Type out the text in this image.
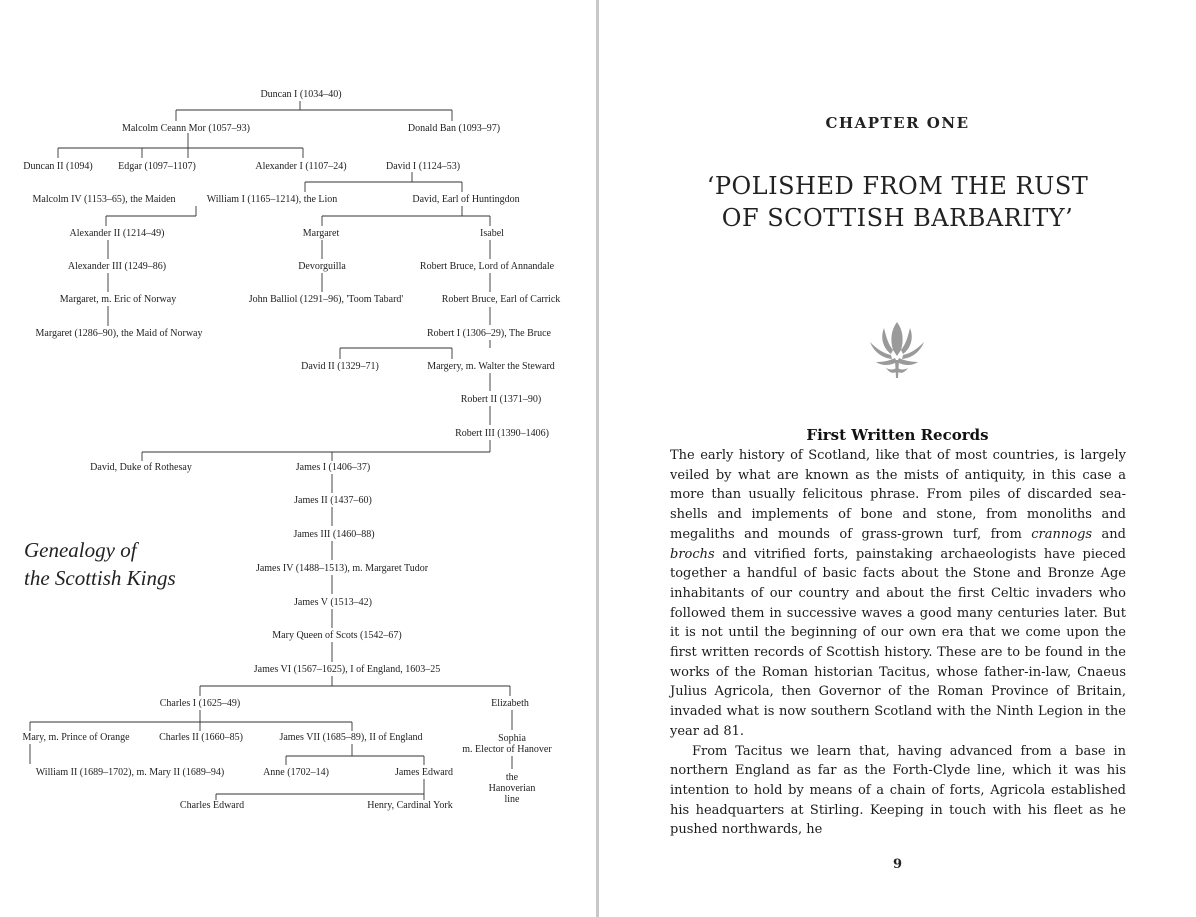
Duncan I (1034–40)
Malcolm Ceann Mor (1057–93)	Donald Ban (1093–97)
Duncan II (1094)	Edgar (1097–1107)	Alexander I (1107–24)	David I (1124–53)
Malcolm IV (1153–65), the Maiden	William I (1165–1214), the Lion	David, Earl of Huntingdon
Alexander II (1214–49)	Margaret	Isabel
Alexander III (1249–86)	Devorguilla	Robert Bruce, Lord of Annandale
Margaret, m. Eric of Norway	John Balliol (1291–96), 'Toom Tabard'	Robert Bruce, Earl of Carrick
Margaret (1286–90), the Maid of Norway	Robert I (1306–29), The Bruce
David II (1329–71)	Margery, m. Walter the Steward
Robert II (1371–90)
Robert III (1390–1406)
David, Duke of Rothesay	James I (1406–37)
James II (1437–60)
James III (1460–88)
James IV (1488–1513), m. Margaret Tudor
James V (1513–42)
Mary Queen of Scots (1542–67)
James VI (1567–1625), I of England, 1603–25
Charles I (1625–49)	Elizabeth
Mary, m. Prince of Orange	Charles II (1660–85)	James VII (1685–89), II of England	Sophia
m. Elector of Hanover
William II (1689–1702), m. Mary II (1689–94)	Anne (1702–14)	James Edward	the
Hanoverian
line
Charles Edward	Henry, Cardinal York
Genealogy of
the Scottish Kings
CHAPTER ONE
‘POLISHED FROM THE RUST
OF SCOTTISH BARBARITY’
First Written Records

The early history of Scotland, like that of most countries, is largely veiled by what are known as the mists of antiquity, in this case a more than usually felicitous phrase. From piles of discarded sea-shells and implements of bone and stone, from monoliths and megaliths and mounds of grass-grown turf, from crannogs and brochs and vitrified forts, painstaking archaeologists have pieced together a handful of basic facts about the Stone and Bronze Age inhabitants of our country and about the first Celtic invaders who followed them in successive waves a good many centuries later. But it is not until the beginning of our own era that we come upon the first written records of Scottish history. These are to be found in the works of the Roman historian Tacitus, whose father-in-law, Cnaeus Julius Agricola, then Governor of the Roman Province of Britain, invaded what is now southern Scotland with the Ninth Legion in the year ad 81.

From Tacitus we learn that, having advanced from a base in northern England as far as the Forth-Clyde line, which it was his intention to hold by means of a chain of forts, Agricola established his headquarters at Stirling. Keeping in touch with his fleet as he pushed northwards, he

9
